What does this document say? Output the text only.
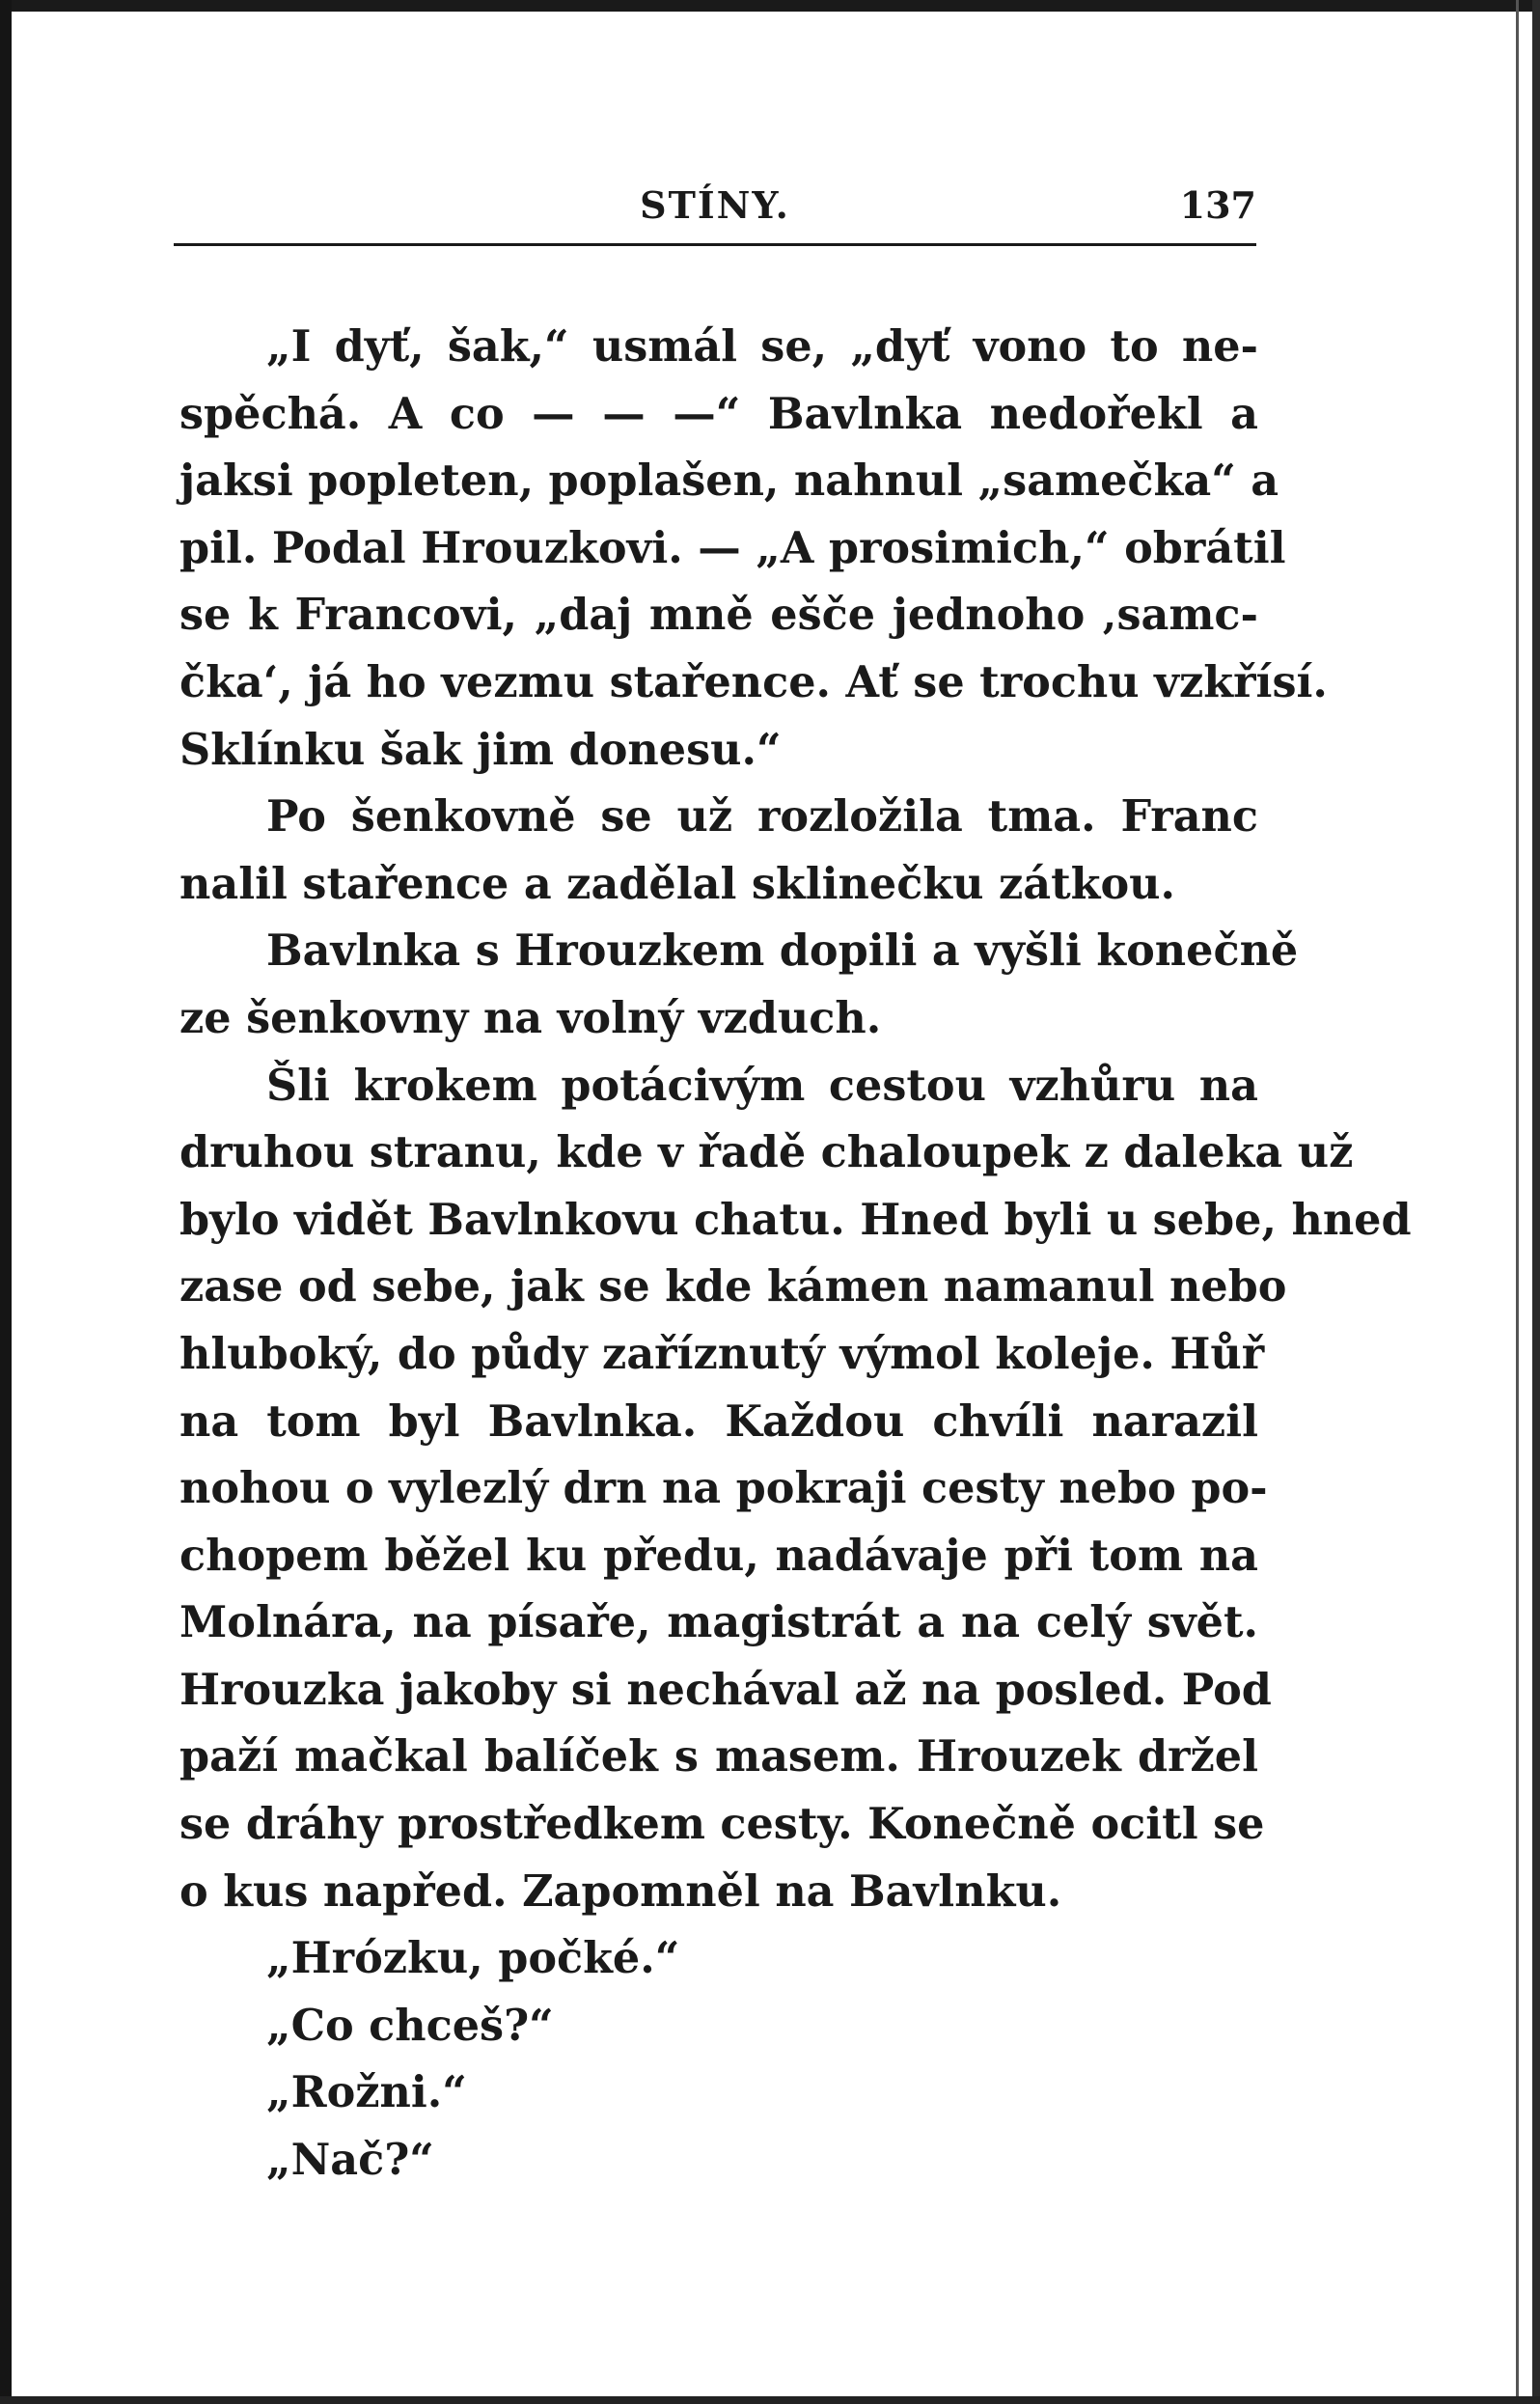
STÍNY.	137
„I dyť, šak,“ usmál se, „dyť vono to ne-
spěchá. A co — — —“ Bavlnka nedořekl a
jaksi popleten, poplašen, nahnul „samečka“ a
pil. Podal Hrouzkovi. — „A prosimich,“ obrátil
se k Francovi, „daj mně ešče jednoho ‚samc-
čka‘, já ho vezmu stařence. Ať se trochu vzkřísí.
Sklínku šak jim donesu.“
Po šenkovně se už rozložila tma. Franc
nalil stařence a zadělal sklinečku zátkou.
Bavlnka s Hrouzkem dopili a vyšli konečně
ze šenkovny na volný vzduch.
Šli krokem potácivým cestou vzhůru na
druhou stranu, kde v řadě chaloupek z daleka už
bylo vidět Bavlnkovu chatu. Hned byli u sebe, hned
zase od sebe, jak se kde kámen namanul nebo
hluboký, do půdy zaříznutý výmol koleje. Hůř
na tom byl Bavlnka. Každou chvíli narazil
nohou o vylezlý drn na pokraji cesty nebo po-
chopem běžel ku předu, nadávaje při tom na
Molnára, na písaře, magistrát a na celý svět.
Hrouzka jakoby si nechával až na posled. Pod
paží mačkal balíček s masem. Hrouzek držel
se dráhy prostředkem cesty. Konečně ocitl se
o kus napřed. Zapomněl na Bavlnku.
„Hrózku, počké.“
„Co chceš?“
„Rožni.“
„Nač?“
